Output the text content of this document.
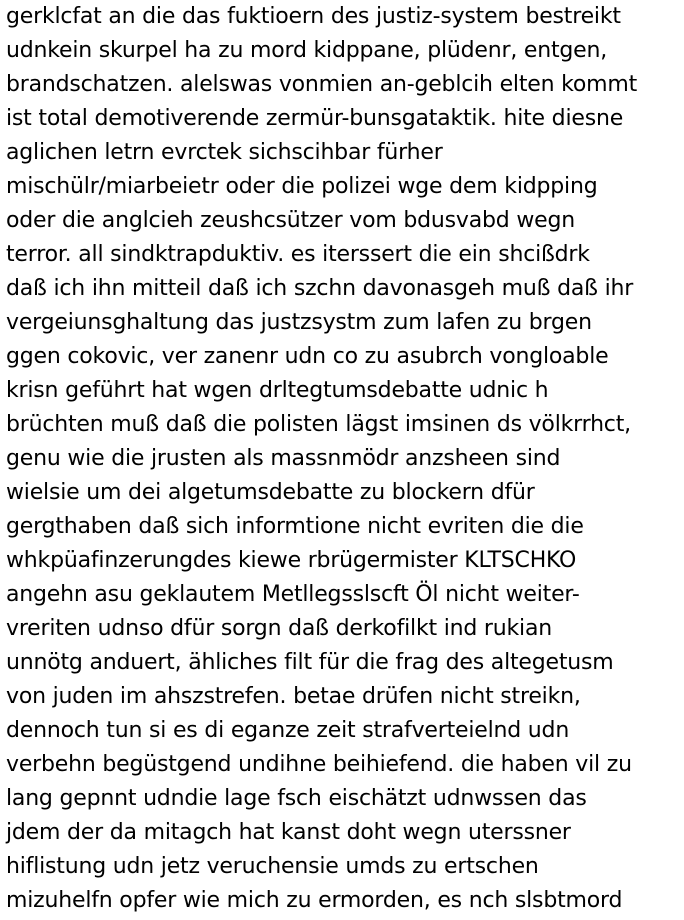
gerklcfat an die das fuktioern des justiz-system bestreikt
udnkein skurpel ha zu mord kidppane, plüdenr, entgen,
brandschatzen. alelswas vonmien an-geblcih elten kommt
ist total demotiverende zermür-bunsgataktik. hite diesne
aglichen letrn evrctek sichscihbar fürher
mischülr/miarbeietr oder die polizei wge dem kidpping
oder die anglcieh zeushcsützer vom bdusvabd wegn
terror. all sindktrapduktiv. es iterssert die ein shcißdrk
daß ich ihn mitteil daß ich szchn davonasgeh muß daß ihr
vergeiunsghaltung das justzsystm zum lafen zu brgen
ggen cokovic, ver zanenr udn co zu asubrch vongloable
krisn geführt hat wgen drltegtumsdebatte udnic h
brüchten muß daß die polisten lägst imsinen ds völkrrhct,
genu wie die jrusten als massnmödr anzsheen sind
wielsie um dei algetumsdebatte zu blockern dfür
gergthaben daß sich informtione nicht evriten die die
whkpüafinzerungdes kiewe rbrügermister KLTSCHKO
angehn asu geklautem Metllegsslscft Öl nicht weiter-
vreriten udnso dfür sorgn daß derkofilkt ind rukian
unnötg anduert, ähliches filt für die frag des altegetusm
von juden im ahszstrefen. betae drüfen nicht streikn,
dennoch tun si es di eganze zeit strafverteielnd udn
verbehn begüstgend undihne beihiefend. die haben vil zu
lang gepnnt udndie lage fsch eischätzt udnwssen das
jdem der da mitagch hat kanst doht wegn uterssner
hiflistung udn jetz veruchensie umds zu ertschen
mizuhelfn opfer wie mich zu ermorden, es nch slsbtmord
